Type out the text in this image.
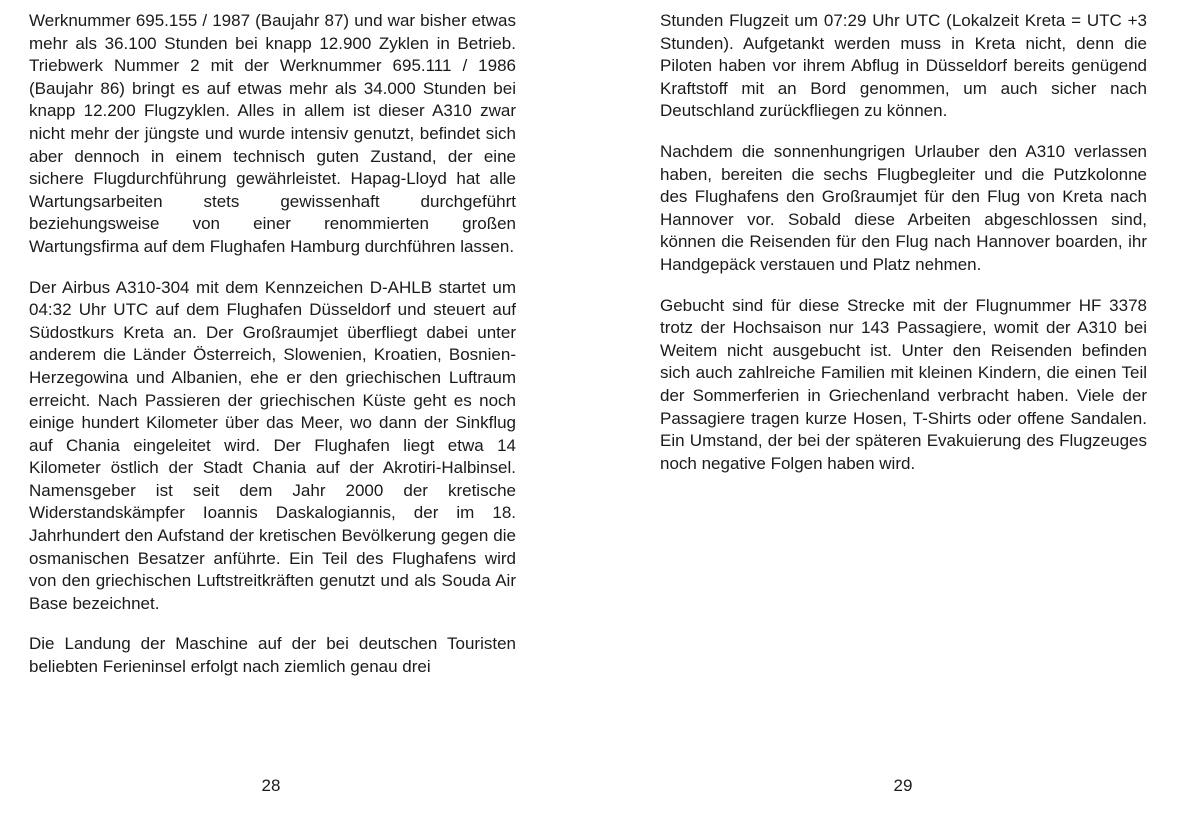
Werknummer 695.155 / 1987 (Baujahr 87) und war bisher etwas mehr als 36.100 Stunden bei knapp 12.900 Zyklen in Betrieb. Triebwerk Nummer 2 mit der Werknummer 695.111 / 1986 (Baujahr 86) bringt es auf etwas mehr als 34.000 Stunden bei knapp 12.200 Flugzyklen. Alles in allem ist dieser A310 zwar nicht mehr der jüngste und wurde intensiv genutzt, befindet sich aber dennoch in einem technisch guten Zustand, der eine sichere Flugdurchführung gewährleistet. Hapag-Lloyd hat alle Wartungsarbeiten stets gewissenhaft durchgeführt beziehungsweise von einer renommierten großen Wartungsfirma auf dem Flughafen Hamburg durchführen lassen.

Der Airbus A310-304 mit dem Kennzeichen D-AHLB startet um 04:32 Uhr UTC auf dem Flughafen Düsseldorf und steuert auf Südostkurs Kreta an. Der Großraumjet überfliegt dabei unter anderem die Länder Österreich, Slowenien, Kroatien, Bosnien-Herzegowina und Albanien, ehe er den griechischen Luftraum erreicht. Nach Passieren der griechischen Küste geht es noch einige hundert Kilometer über das Meer, wo dann der Sinkflug auf Chania eingeleitet wird. Der Flughafen liegt etwa 14 Kilometer östlich der Stadt Chania auf der Akrotiri-Halbinsel. Namensgeber ist seit dem Jahr 2000 der kretische Widerstandskämpfer Ioannis Daskalogiannis, der im 18. Jahrhundert den Aufstand der kretischen Bevölkerung gegen die osmanischen Besatzer anführte. Ein Teil des Flughafens wird von den griechischen Luftstreitkräften genutzt und als Souda Air Base bezeichnet.

Die Landung der Maschine auf der bei deutschen Touristen beliebten Ferieninsel erfolgt nach ziemlich genau drei

28

Stunden Flugzeit um 07:29 Uhr UTC (Lokalzeit Kreta = UTC +3 Stunden). Aufgetankt werden muss in Kreta nicht, denn die Piloten haben vor ihrem Abflug in Düsseldorf bereits genügend Kraftstoff mit an Bord genommen, um auch sicher nach Deutschland zurückfliegen zu können.

Nachdem die sonnenhungrigen Urlauber den A310 verlassen haben, bereiten die sechs Flugbegleiter und die Putzkolonne des Flughafens den Großraumjet für den Flug von Kreta nach Hannover vor. Sobald diese Arbeiten abgeschlossen sind, können die Reisenden für den Flug nach Hannover boarden, ihr Handgepäck verstauen und Platz nehmen.

Gebucht sind für diese Strecke mit der Flugnummer HF 3378 trotz der Hochsaison nur 143 Passagiere, womit der A310 bei Weitem nicht ausgebucht ist. Unter den Reisenden befinden sich auch zahlreiche Familien mit kleinen Kindern, die einen Teil der Sommerferien in Griechenland verbracht haben. Viele der Passagiere tragen kurze Hosen, T-Shirts oder offene Sandalen. Ein Umstand, der bei der späteren Evakuierung des Flugzeuges noch negative Folgen haben wird.

29
